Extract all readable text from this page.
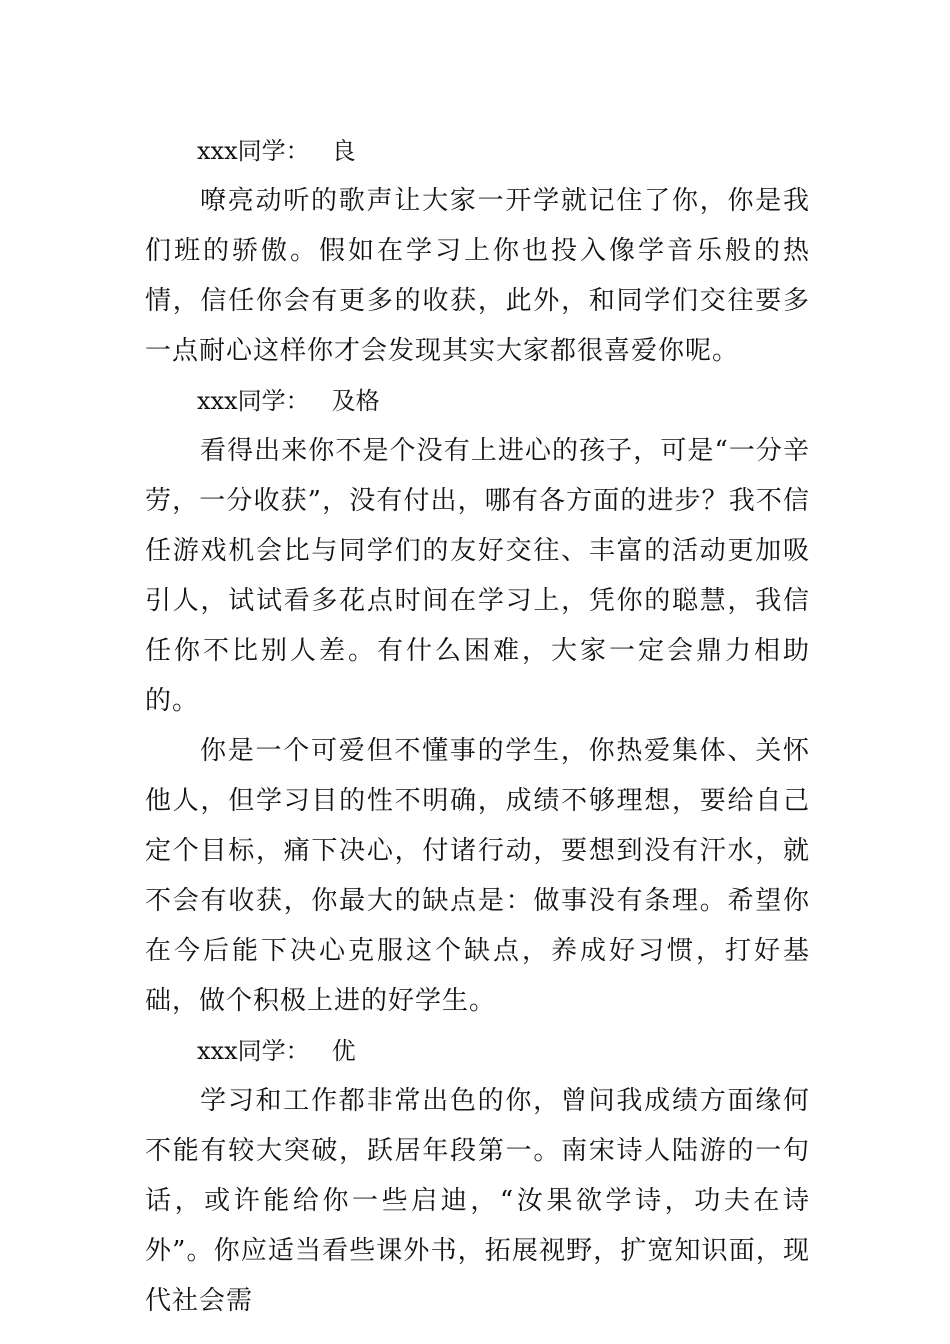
xxx同学： 良

嘹亮动听的歌声让大家一开学就记住了你，你是我们班的骄傲。假如在学习上你也投入像学音乐般的热情，信任你会有更多的收获，此外，和同学们交往要多一点耐心这样你才会发现其实大家都很喜爱你呢。

xxx同学： 及格

看得出来你不是个没有上进心的孩子，可是“一分辛劳，一分收获”，没有付出，哪有各方面的进步？我不信任游戏机会比与同学们的友好交往、丰富的活动更加吸引人，试试看多花点时间在学习上，凭你的聪慧，我信任你不比别人差。有什么困难，大家一定会鼎力相助的。

你是一个可爱但不懂事的学生，你热爱集体、关怀他人，但学习目的性不明确，成绩不够理想，要给自己定个目标，痛下决心，付诸行动，要想到没有汗水，就不会有收获，你最大的缺点是：做事没有条理。希望你在今后能下决心克服这个缺点，养成好习惯，打好基础，做个积极上进的好学生。

xxx同学： 优

学习和工作都非常出色的你，曾问我成绩方面缘何不能有较大突破，跃居年段第一。南宋诗人陆游的一句话，或许能给你一些启迪，“汝果欲学诗，功夫在诗外”。你应适当看些课外书，拓展视野，扩宽知识面，现代社会需
